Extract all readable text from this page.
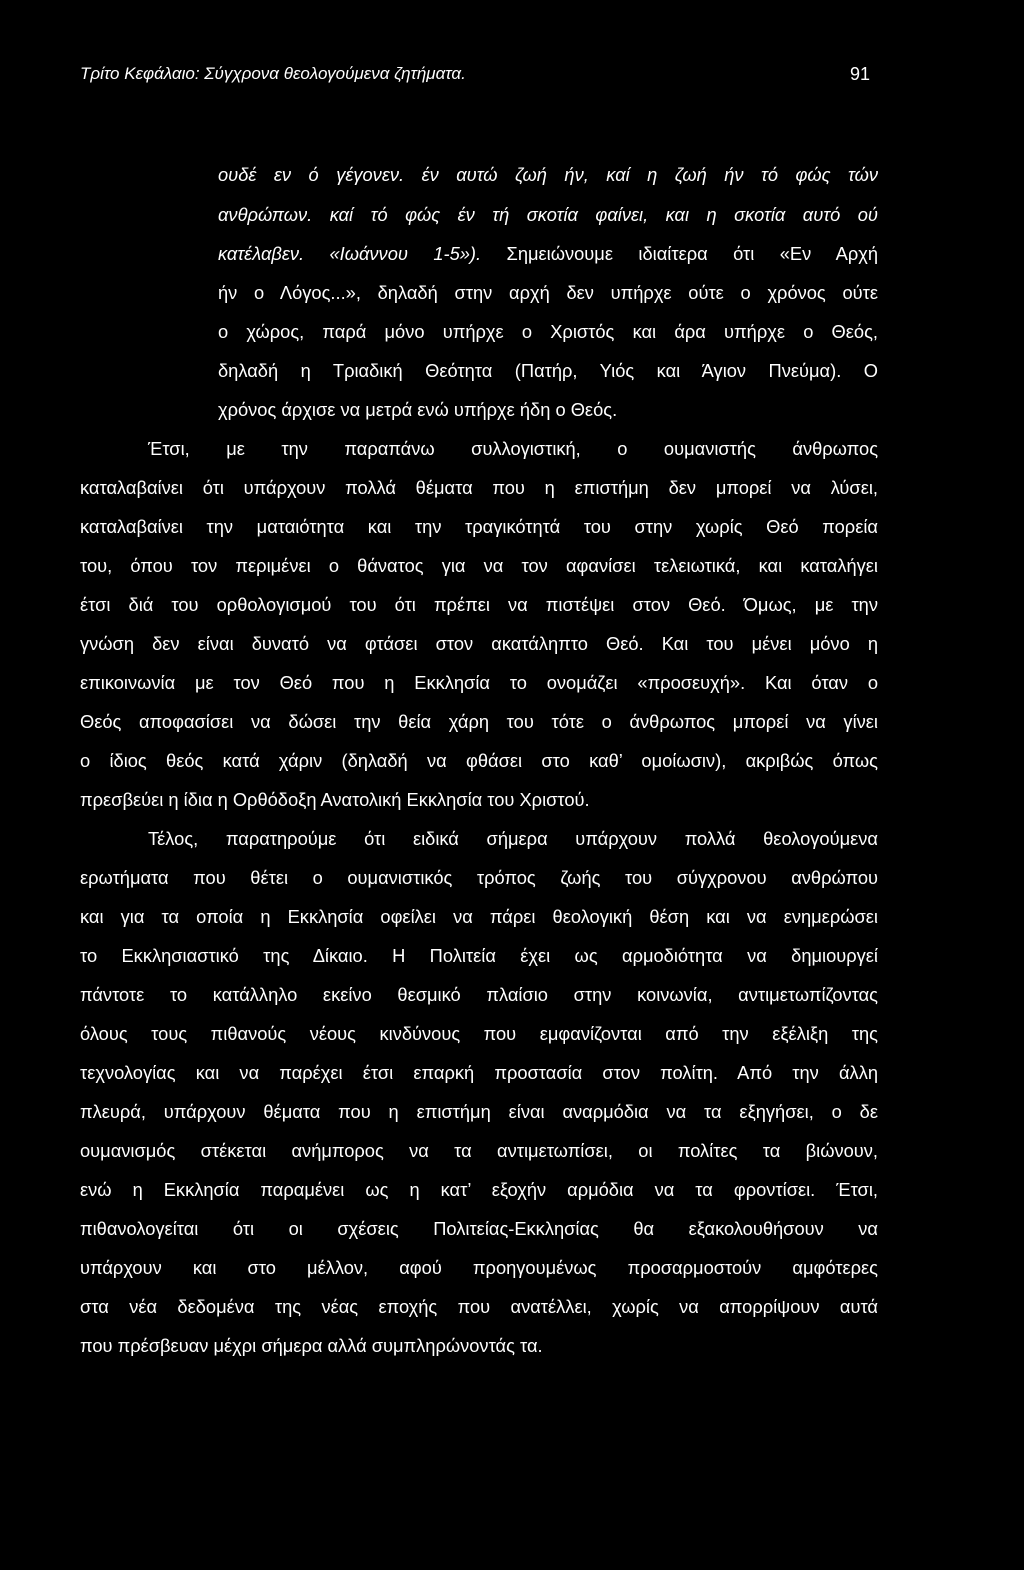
Τρίτο Κεφάλαιο: Σύγχρονα θεολογούμενα ζητήματα.	91
ουδέ εν ό γέγονεν. έν αυτώ ζωή ήν, καί η ζωή ήν τό φώς τών
ανθρώπων. καί τό φώς έν τή σκοτία φαίνει, και η σκοτία αυτό ού
κατέλαβεν. «Ιωάννου 1-5»). Σημειώνουμε ιδιαίτερα ότι «Εν Αρχή
ήν ο Λόγος...», δηλαδή στην αρχή δεν υπήρχε ούτε ο χρόνος ούτε
ο χώρος, παρά μόνο υπήρχε ο Χριστός και άρα υπήρχε ο Θεός,
δηλαδή η Τριαδική Θεότητα (Πατήρ, Υιός και Άγιον Πνεύμα). Ο
χρόνος άρχισε να μετρά ενώ υπήρχε ήδη ο Θεός.
Έτσι, με την παραπάνω συλλογιστική, ο ουμανιστής άνθρωπος
καταλαβαίνει ότι υπάρχουν πολλά θέματα που η επιστήμη δεν μπορεί να λύσει,
καταλαβαίνει την ματαιότητα και την τραγικότητά του στην χωρίς Θεό πορεία
του, όπου τον περιμένει ο θάνατος για να τον αφανίσει τελειωτικά, και καταλήγει
έτσι διά του ορθολογισμού του ότι πρέπει να πιστέψει στον Θεό. Όμως, με την
γνώση δεν είναι δυνατό να φτάσει στον ακατάληπτο Θεό. Και του μένει μόνο η
επικοινωνία με τον Θεό που η Εκκλησία το ονομάζει «προσευχή». Και όταν ο
Θεός αποφασίσει να δώσει την θεία χάρη του τότε ο άνθρωπος μπορεί να γίνει
ο ίδιος θεός κατά χάριν (δηλαδή να φθάσει στο καθ’ ομοίωσιν), ακριβώς όπως
πρεσβεύει η ίδια η Ορθόδοξη Ανατολική Εκκλησία του Χριστού.
Τέλος, παρατηρούμε ότι ειδικά σήμερα υπάρχουν πολλά θεολογούμενα
ερωτήματα που θέτει ο ουμανιστικός τρόπος ζωής του σύγχρονου ανθρώπου
και για τα οποία η Εκκλησία οφείλει να πάρει θεολογική θέση και να ενημερώσει
το Εκκλησιαστικό της Δίκαιο. Η Πολιτεία έχει ως αρμοδιότητα να δημιουργεί
πάντοτε το κατάλληλο εκείνο θεσμικό πλαίσιο στην κοινωνία, αντιμετωπίζοντας
όλους τους πιθανούς νέους κινδύνους που εμφανίζονται από την εξέλιξη της
τεχνολογίας και να παρέχει έτσι επαρκή προστασία στον πολίτη. Από την άλλη
πλευρά, υπάρχουν θέματα που η επιστήμη είναι αναρμόδια να τα εξηγήσει, ο δε
ουμανισμός στέκεται ανήμπορος να τα αντιμετωπίσει, οι πολίτες τα βιώνουν,
ενώ η Εκκλησία παραμένει ως η κατ’ εξοχήν αρμόδια να τα φροντίσει. Έτσι,
πιθανολογείται ότι οι σχέσεις Πολιτείας-Εκκλησίας θα εξακολουθήσουν να
υπάρχουν και στο μέλλον, αφού προηγουμένως προσαρμοστούν αμφότερες
στα νέα δεδομένα της νέας εποχής που ανατέλλει, χωρίς να απορρίψουν αυτά
που πρέσβευαν μέχρι σήμερα αλλά συμπληρώνοντάς τα.
